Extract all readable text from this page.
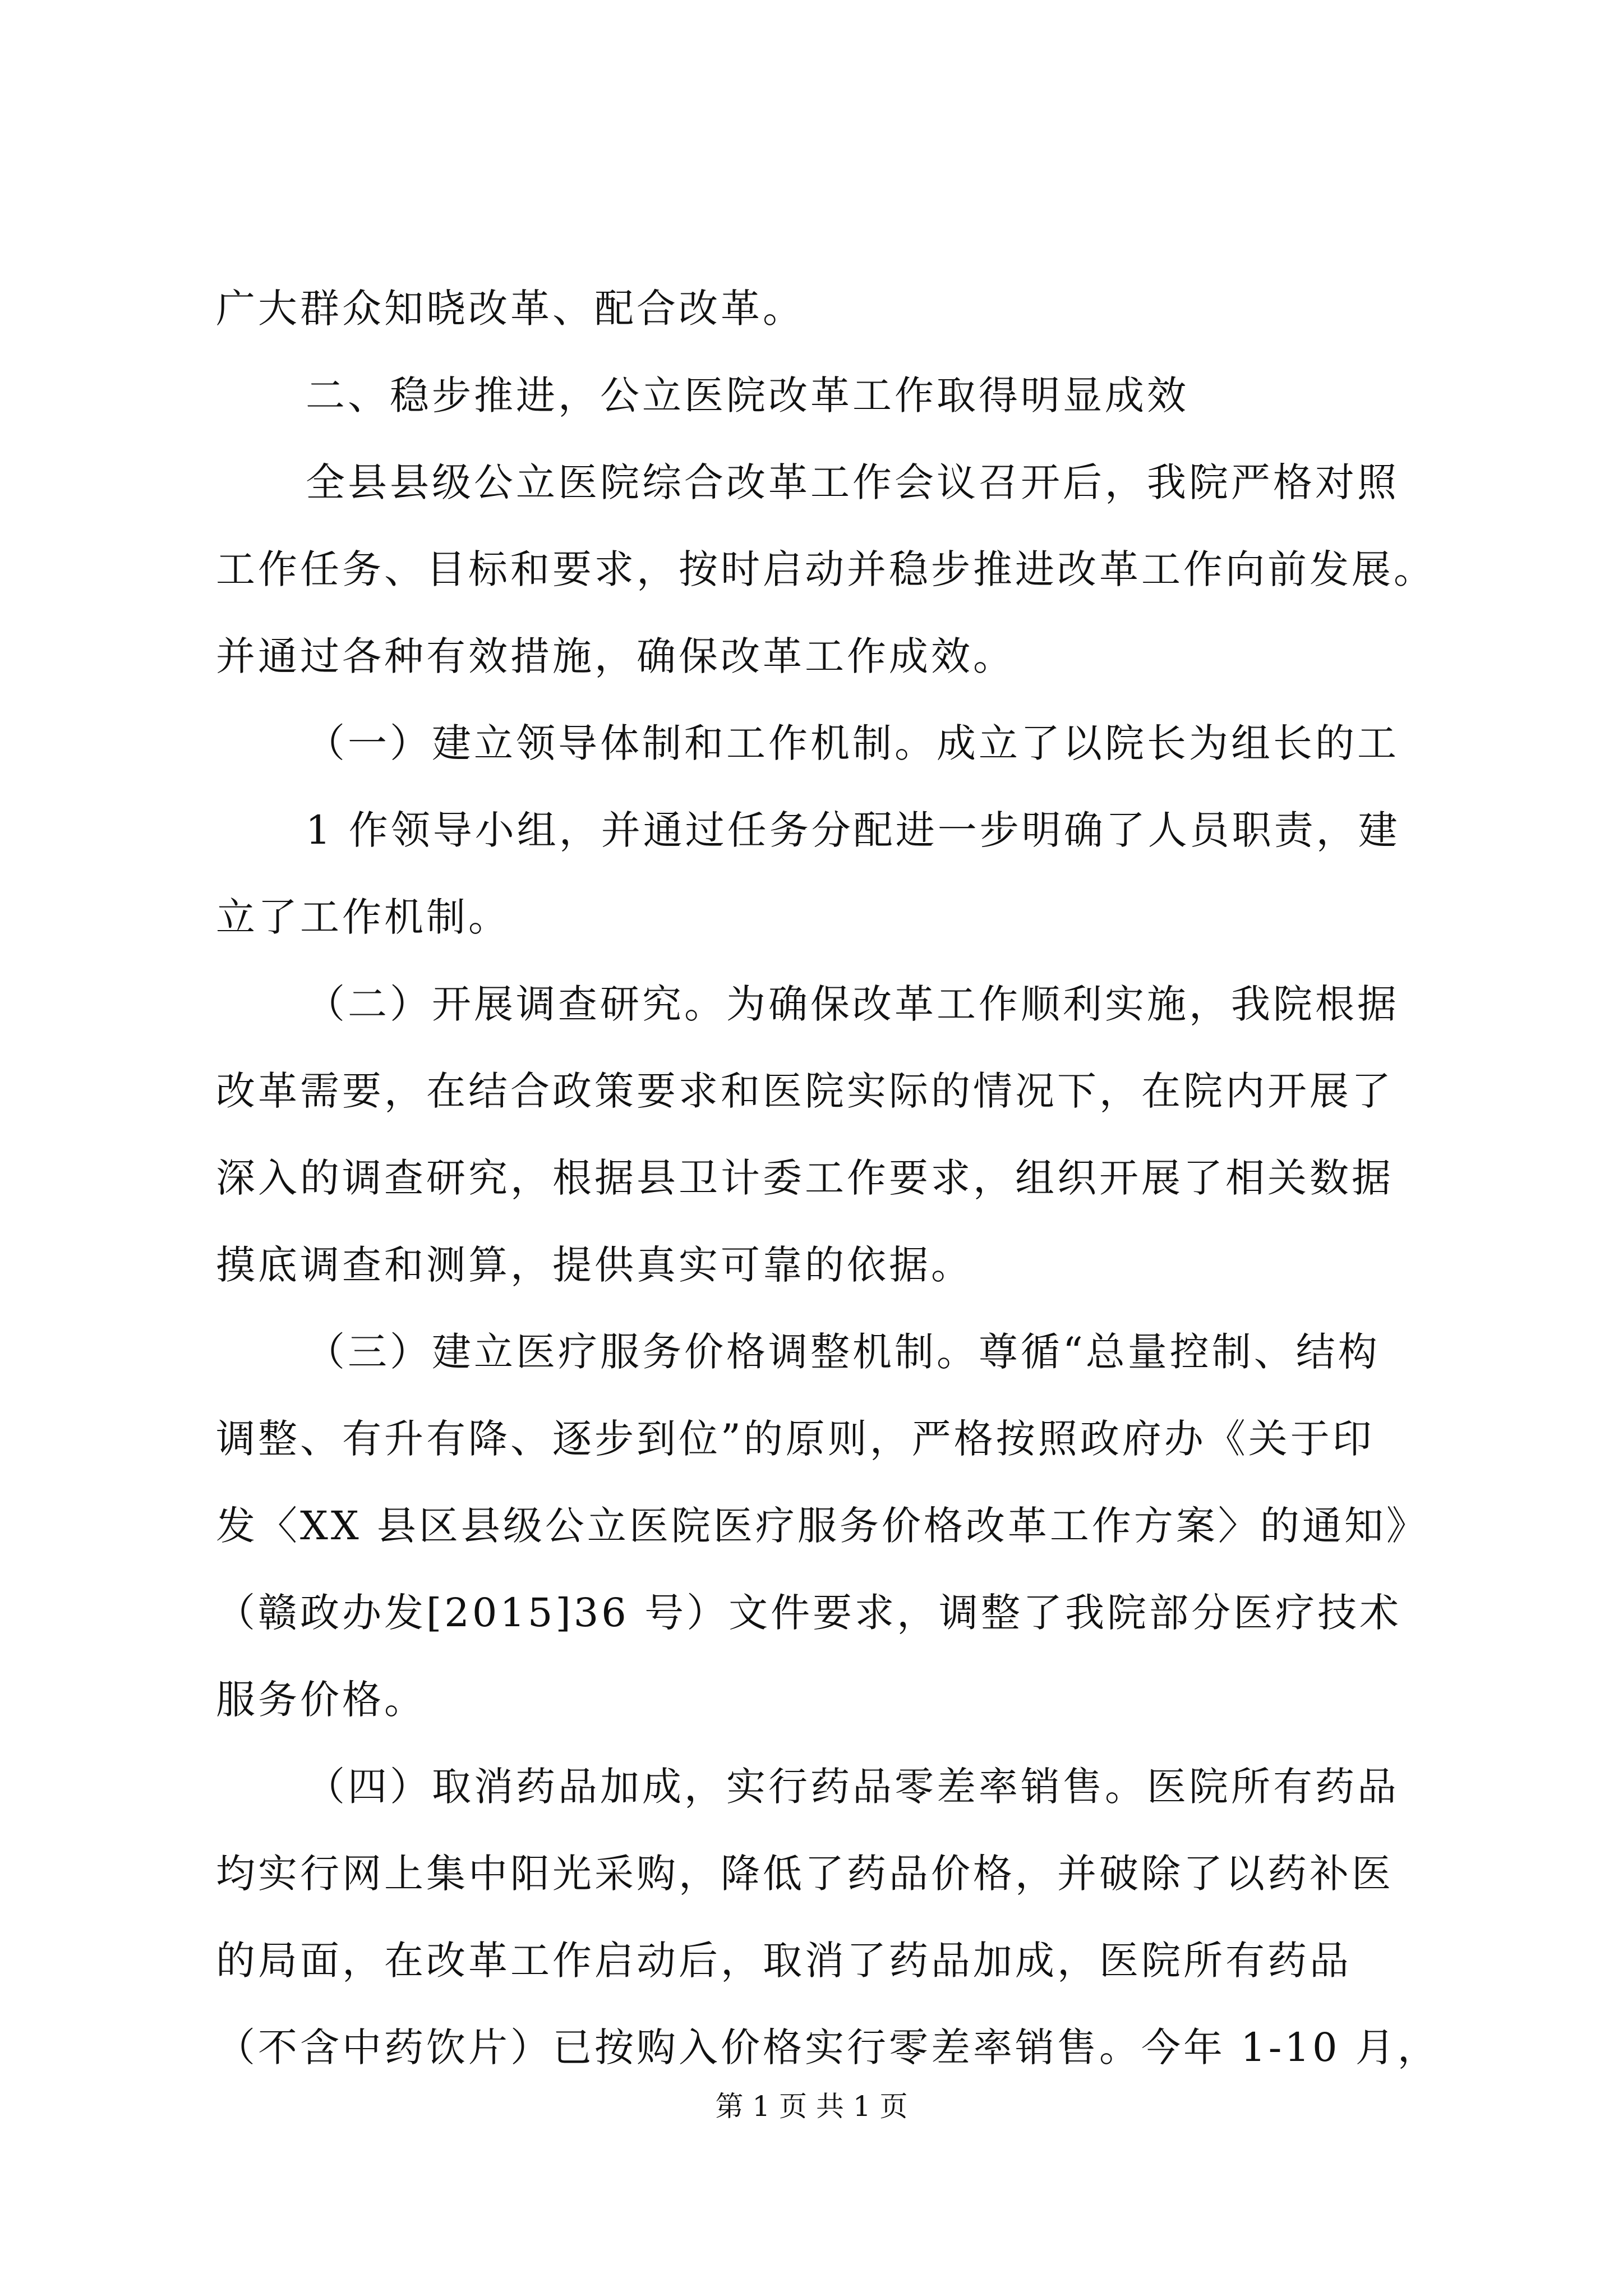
广大群众知晓改革、配合改革。
二、稳步推进，公立医院改革工作取得明显成效
全县县级公立医院综合改革工作会议召开后，我院严格对照
工作任务、目标和要求，按时启动并稳步推进改革工作向前发展。
并通过各种有效措施，确保改革工作成效。
（一）建立领导体制和工作机制。成立了以院长为组长的工
1 作领导小组，并通过任务分配进一步明确了人员职责，建
立了工作机制。
（二）开展调查研究。为确保改革工作顺利实施，我院根据
改革需要，在结合政策要求和医院实际的情况下，在院内开展了
深入的调查研究，根据县卫计委工作要求，组织开展了相关数据
摸底调查和测算，提供真实可靠的依据。
（三）建立医疗服务价格调整机制。尊循“总量控制、结构
调整、有升有降、逐步到位”的原则，严格按照政府办《关于印
发〈XX 县区县级公立医院医疗服务价格改革工作方案〉的通知》
（赣政办发[2015]36 号）文件要求，调整了我院部分医疗技术
服务价格。
（四）取消药品加成，实行药品零差率销售。医院所有药品
均实行网上集中阳光采购，降低了药品价格，并破除了以药补医
的局面，在改革工作启动后，取消了药品加成，医院所有药品
（不含中药饮片）已按购入价格实行零差率销售。今年 1-10 月，
第 1 页 共 1 页
